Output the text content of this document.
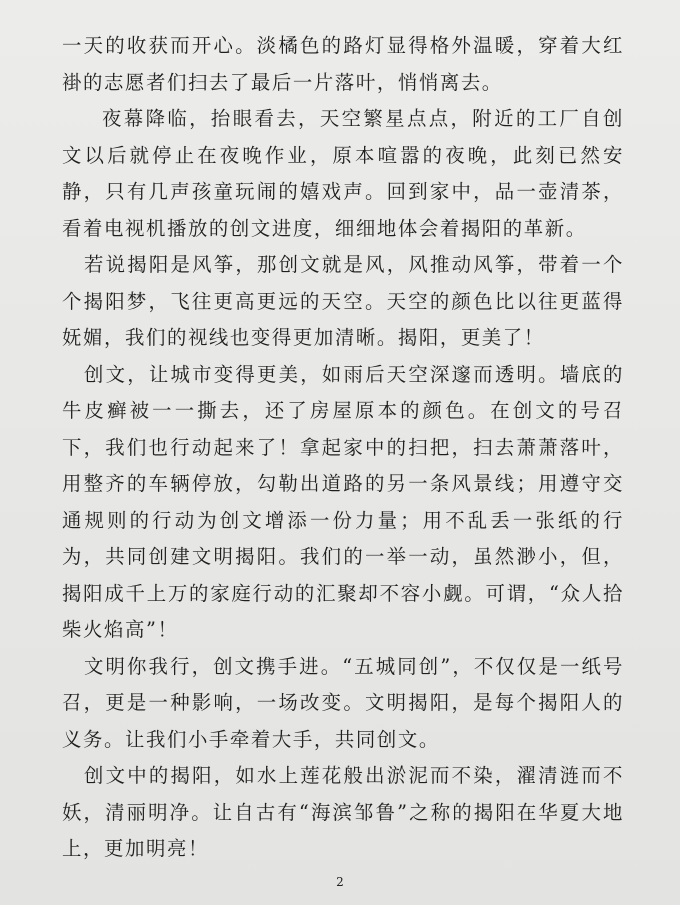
一天的收获而开心。淡橘色的路灯显得格外温暖，穿着大红褂的志愿者们扫去了最后一片落叶，悄悄离去。

夜幕降临，抬眼看去，天空繁星点点，附近的工厂自创文以后就停止在夜晚作业，原本喧嚣的夜晚，此刻已然安静，只有几声孩童玩闹的嬉戏声。回到家中，品一壶清茶，看着电视机播放的创文进度，细细地体会着揭阳的革新。

若说揭阳是风筝，那创文就是风，风推动风筝，带着一个个揭阳梦，飞往更高更远的天空。天空的颜色比以往更蓝得妩媚，我们的视线也变得更加清晰。揭阳，更美了！

创文，让城市变得更美，如雨后天空深邃而透明。墙底的牛皮癣被一一撕去，还了房屋原本的颜色。在创文的号召下，我们也行动起来了！拿起家中的扫把，扫去萧萧落叶，用整齐的车辆停放，勾勒出道路的另一条风景线；用遵守交通规则的行动为创文增添一份力量；用不乱丢一张纸的行为，共同创建文明揭阳。我们的一举一动，虽然渺小，但，揭阳成千上万的家庭行动的汇聚却不容小觑。可谓，“众人拾柴火焰高”！

文明你我行，创文携手进。“五城同创”，不仅仅是一纸号召，更是一种影响，一场改变。文明揭阳，是每个揭阳人的义务。让我们小手牵着大手，共同创文。

创文中的揭阳，如水上莲花般出淤泥而不染，濯清涟而不妖，清丽明净。让自古有“海滨邹鲁”之称的揭阳在华夏大地上，更加明亮！

2
